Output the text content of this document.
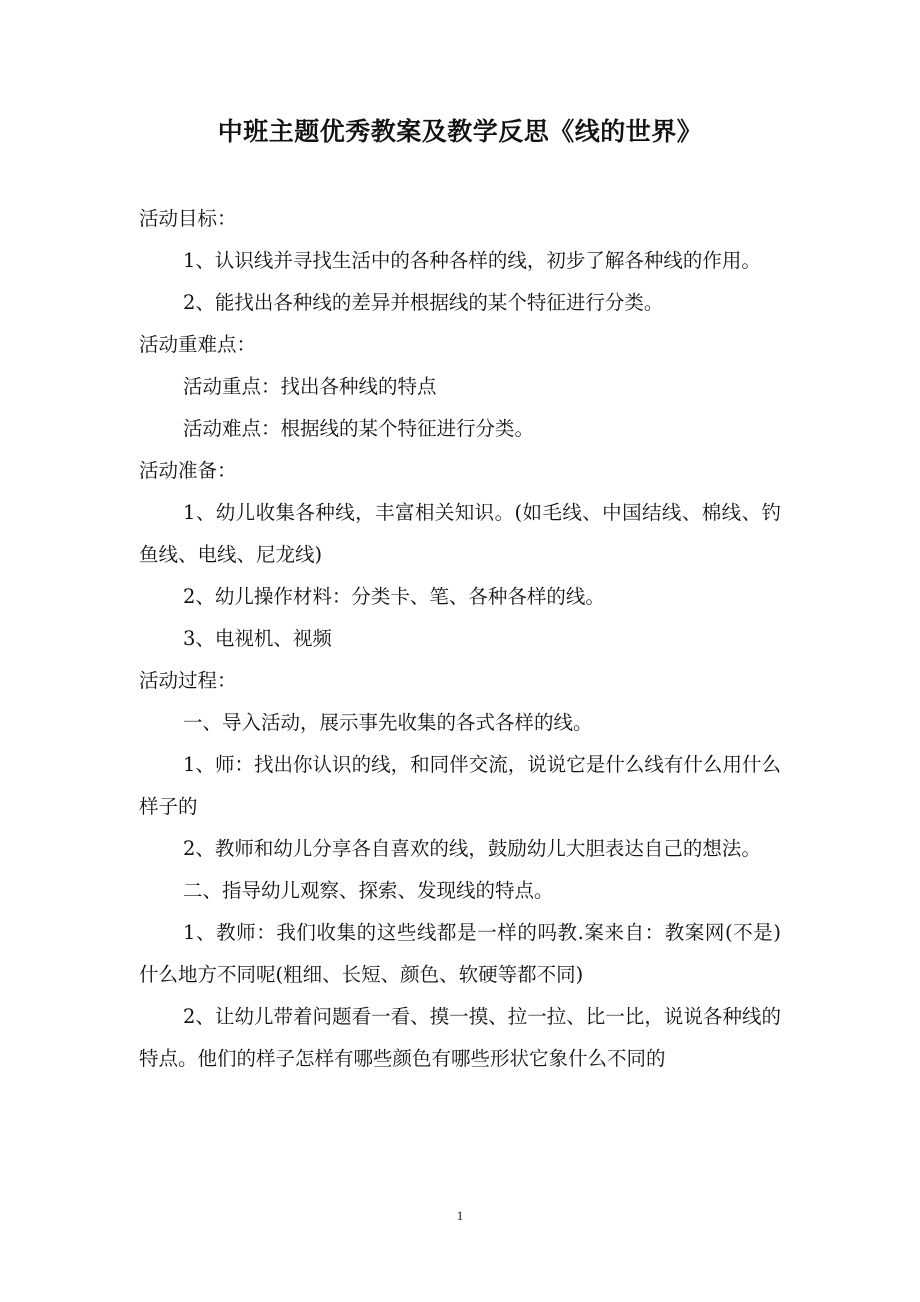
中班主题优秀教案及教学反思《线的世界》

活动目标：

1、认识线并寻找生活中的各种各样的线，初步了解各种线的作用。

2、能找出各种线的差异并根据线的某个特征进行分类。

活动重难点：

活动重点：找出各种线的特点

活动难点：根据线的某个特征进行分类。

活动准备：

1、幼儿收集各种线，丰富相关知识。(如毛线、中国结线、棉线、钓鱼线、电线、尼龙线)

2、幼儿操作材料：分类卡、笔、各种各样的线。

3、电视机、视频

活动过程：

一、导入活动，展示事先收集的各式各样的线。

1、师：找出你认识的线，和同伴交流，说说它是什么线有什么用什么样子的

2、教师和幼儿分享各自喜欢的线，鼓励幼儿大胆表达自己的想法。

二、指导幼儿观察、探索、发现线的特点。

1、教师：我们收集的这些线都是一样的吗教.案来自：教案网(不是)什么地方不同呢(粗细、长短、颜色、软硬等都不同)

2、让幼儿带着问题看一看、摸一摸、拉一拉、比一比，说说各种线的特点。他们的样子怎样有哪些颜色有哪些形状它象什么不同的

1
